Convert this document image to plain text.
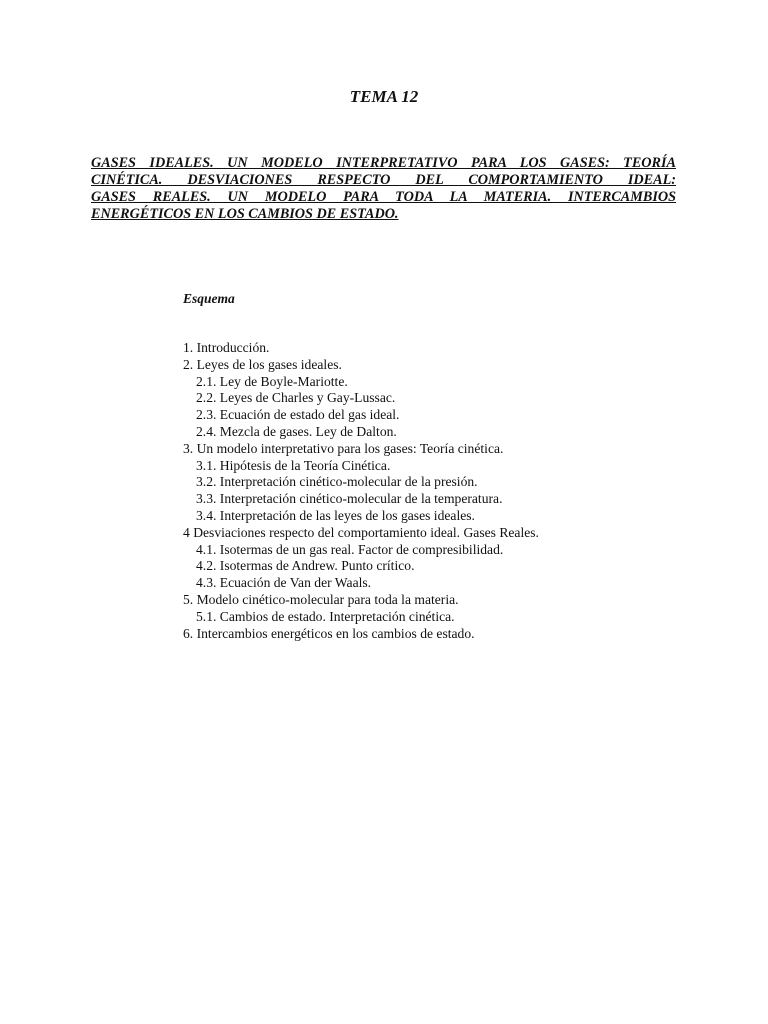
TEMA 12
GASES IDEALES. UN MODELO INTERPRETATIVO PARA LOS GASES: TEORÍA
CINÉTICA. DESVIACIONES RESPECTO DEL COMPORTAMIENTO IDEAL:
GASES REALES. UN MODELO PARA TODA LA MATERIA. INTERCAMBIOS
ENERGÉTICOS EN LOS CAMBIOS DE ESTADO.
Esquema
1. Introducción.
2. Leyes de los gases ideales.
2.1. Ley de Boyle-Mariotte.
2.2. Leyes de Charles y Gay-Lussac.
2.3. Ecuación de estado del gas ideal.
2.4. Mezcla de gases. Ley de Dalton.
3. Un modelo interpretativo para los gases: Teoría cinética.
3.1. Hipótesis de la Teoría Cinética.
3.2. Interpretación cinético-molecular de la presión.
3.3. Interpretación cinético-molecular de la temperatura.
3.4. Interpretación de las leyes de los gases ideales.
4 Desviaciones respecto del comportamiento ideal. Gases Reales.
4.1. Isotermas de un gas real. Factor de compresibilidad.
4.2. Isotermas de Andrew. Punto crítico.
4.3. Ecuación de Van der Waals.
5. Modelo cinético-molecular para toda la materia.
5.1. Cambios de estado. Interpretación cinética.
6. Intercambios energéticos en los cambios de estado.
